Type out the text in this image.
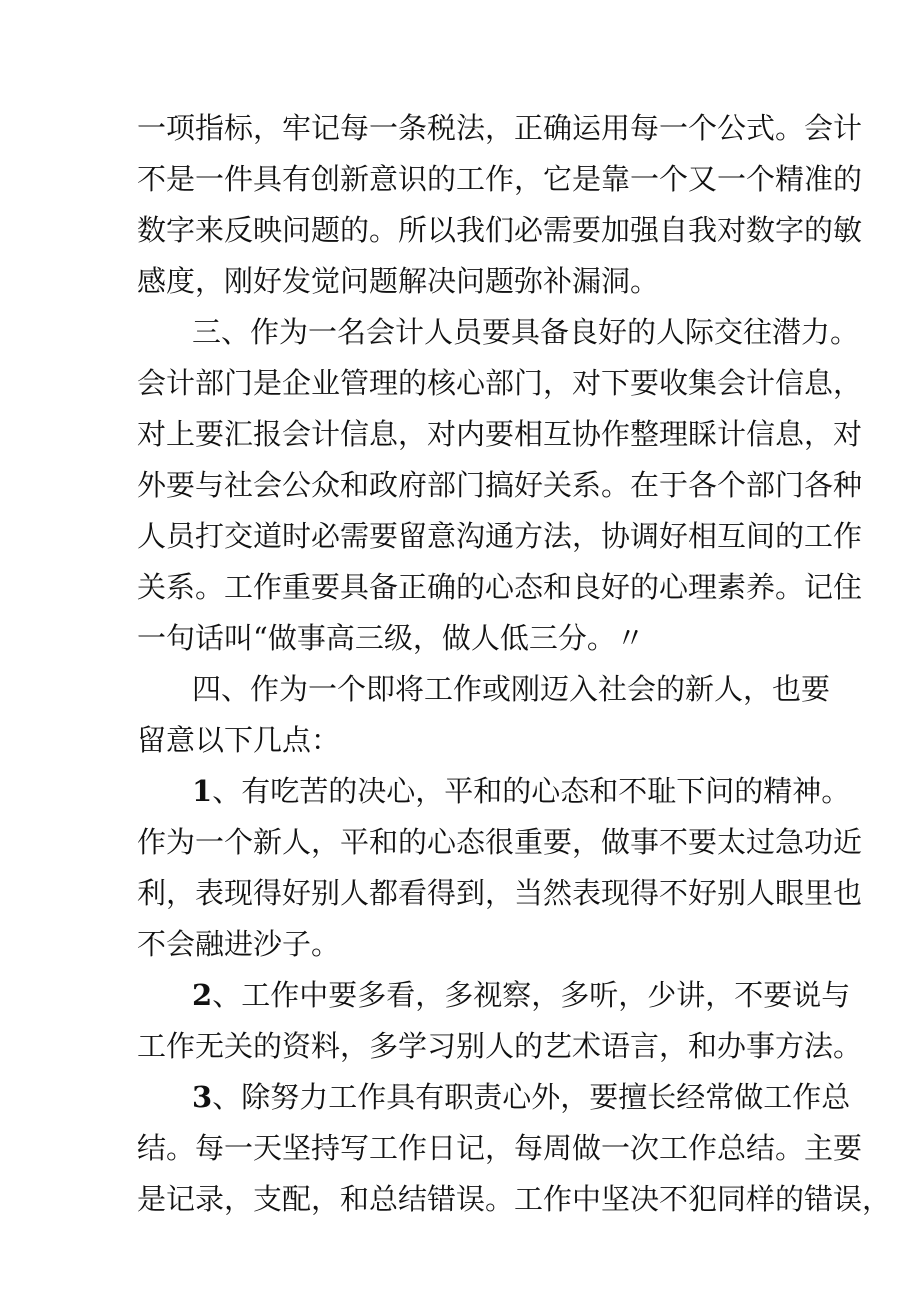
一项指标，牢记每一条税法，正确运用每一个公式。会计
不是一件具有创新意识的工作，它是靠一个又一个精准的
数字来反映问题的。所以我们必需要加强自我对数字的敏
感度，刚好发觉问题解决问题弥补漏洞。
三、作为一名会计人员要具备良好的人际交往潜力。
会计部门是企业管理的核心部门，对下要收集会计信息，
对上要汇报会计信息，对内要相互协作整理睬计信息，对
外要与社会公众和政府部门搞好关系。在于各个部门各种
人员打交道时必需要留意沟通方法，协调好相互间的工作
关系。工作重要具备正确的心态和良好的心理素养。记住
一句话叫“做事高三级，做人低三分。〃
四、作为一个即将工作或刚迈入社会的新人，也要
留意以下几点：
1、有吃苦的决心，平和的心态和不耻下问的精神。
作为一个新人，平和的心态很重要，做事不要太过急功近
利，表现得好别人都看得到，当然表现得不好别人眼里也
不会融进沙子。
2、工作中要多看，多视察，多听，少讲，不要说与
工作无关的资料，多学习别人的艺术语言，和办事方法。
3、除努力工作具有职责心外，要擅长经常做工作总
结。每一天坚持写工作日记，每周做一次工作总结。主要
是记录，支配，和总结错误。工作中坚决不犯同样的错误，
